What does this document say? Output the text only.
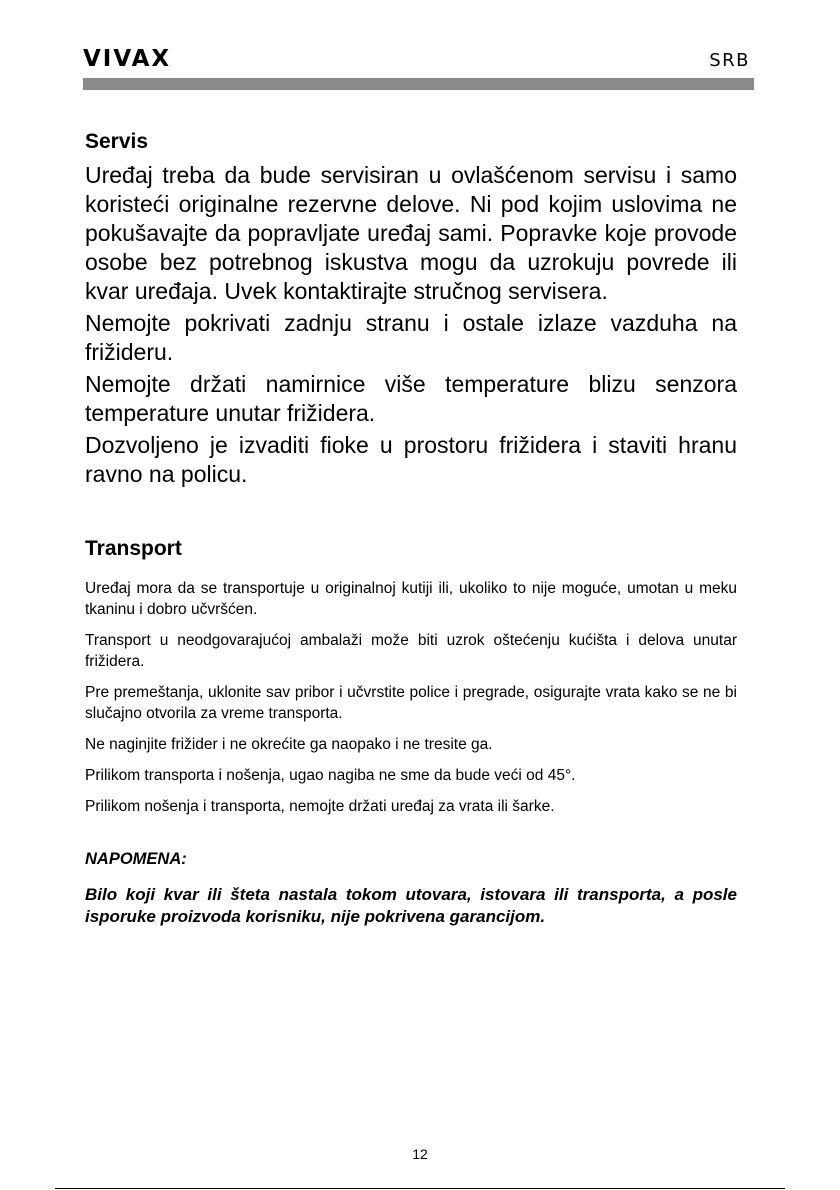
VIVAX	SRB
Servis

Uređaj treba da bude servisiran u ovlašćenom servisu i samo koristeći originalne rezervne delove. Ni pod kojim uslovima ne pokušavajte da popravljate uređaj sami. Popravke koje provode osobe bez potrebnog iskustva mogu da uzrokuju povrede ili kvar uređaja. Uvek kontaktirajte stručnog servisera.

Nemojte pokrivati zadnju stranu i ostale izlaze vazduha na frižideru.

Nemojte držati namirnice više temperature blizu senzora temperature unutar frižidera.

Dozvoljeno je izvaditi fioke u prostoru frižidera i staviti hranu ravno na policu.

Transport

Uređaj mora da se transportuje u originalnoj kutiji ili, ukoliko to nije moguće, umotan u meku tkaninu i dobro učvršćen.

Transport u neodgovarajućoj ambalaži može biti uzrok oštećenju kućišta i delova unutar frižidera.

Pre premeštanja, uklonite sav pribor i učvrstite police i pregrade, osigurajte vrata kako se ne bi slučajno otvorila za vreme transporta.

Ne naginjite frižider i ne okrećite ga naopako i ne tresite ga.

Prilikom transporta i nošenja, ugao nagiba ne sme da bude veći od 45°.

Prilikom nošenja i transporta, nemojte držati uređaj za vrata ili šarke.

NAPOMENA:

Bilo koji kvar ili šteta nastala tokom utovara, istovara ili transporta, a posle isporuke proizvoda korisniku, nije pokrivena garancijom.

12
